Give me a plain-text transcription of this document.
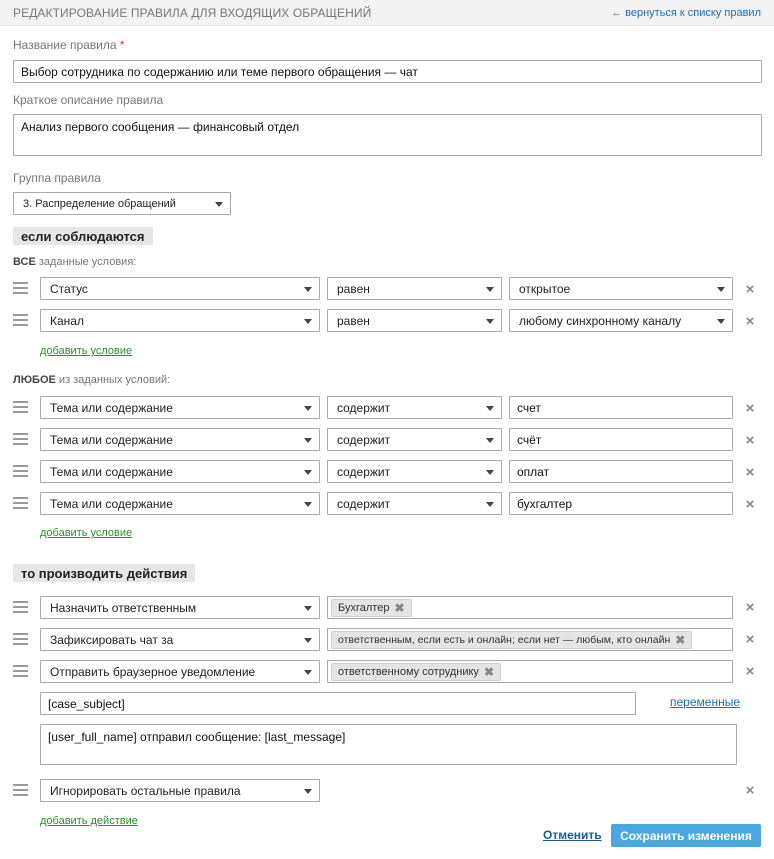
РЕДАКТИРОВАНИЕ ПРАВИЛА ДЛЯ ВХОДЯЩИХ ОБРАЩЕНИЙ	← вернуться к списку правил
Название правила *
Выбор сотрудника по содержанию или теме первого обращения — чат
Краткое описание правила
Анализ первого сообщения — финансовый отдел
Группа правила
3. Распределение обращений
если соблюдаются
ВСЕ заданные условия:
Статус	равен	открытое	×
Канал	равен	любому синхронному каналу	×
добавить условие
ЛЮБОЕ из заданных условий:
Тема или содержание	содержит	счет	×
Тема или содержание	содержит	счёт	×
Тема или содержание	содержит	оплат	×
Тема или содержание	содержит	бухгалтер	×
добавить условие
то производить действия
Назначить ответственным	Бухгалтер ✖	×
Зафиксировать чат за	ответственным, если есть и онлайн; если нет — любым, кто онлайн ✖	×
Отправить браузерное уведомление	ответственному сотруднику ✖	×
[case_subject]	переменные
[user_full_name] отправил сообщение: [last_message]
Игнорировать остальные правила	×
добавить действие
Отменить	Сохранить изменения
